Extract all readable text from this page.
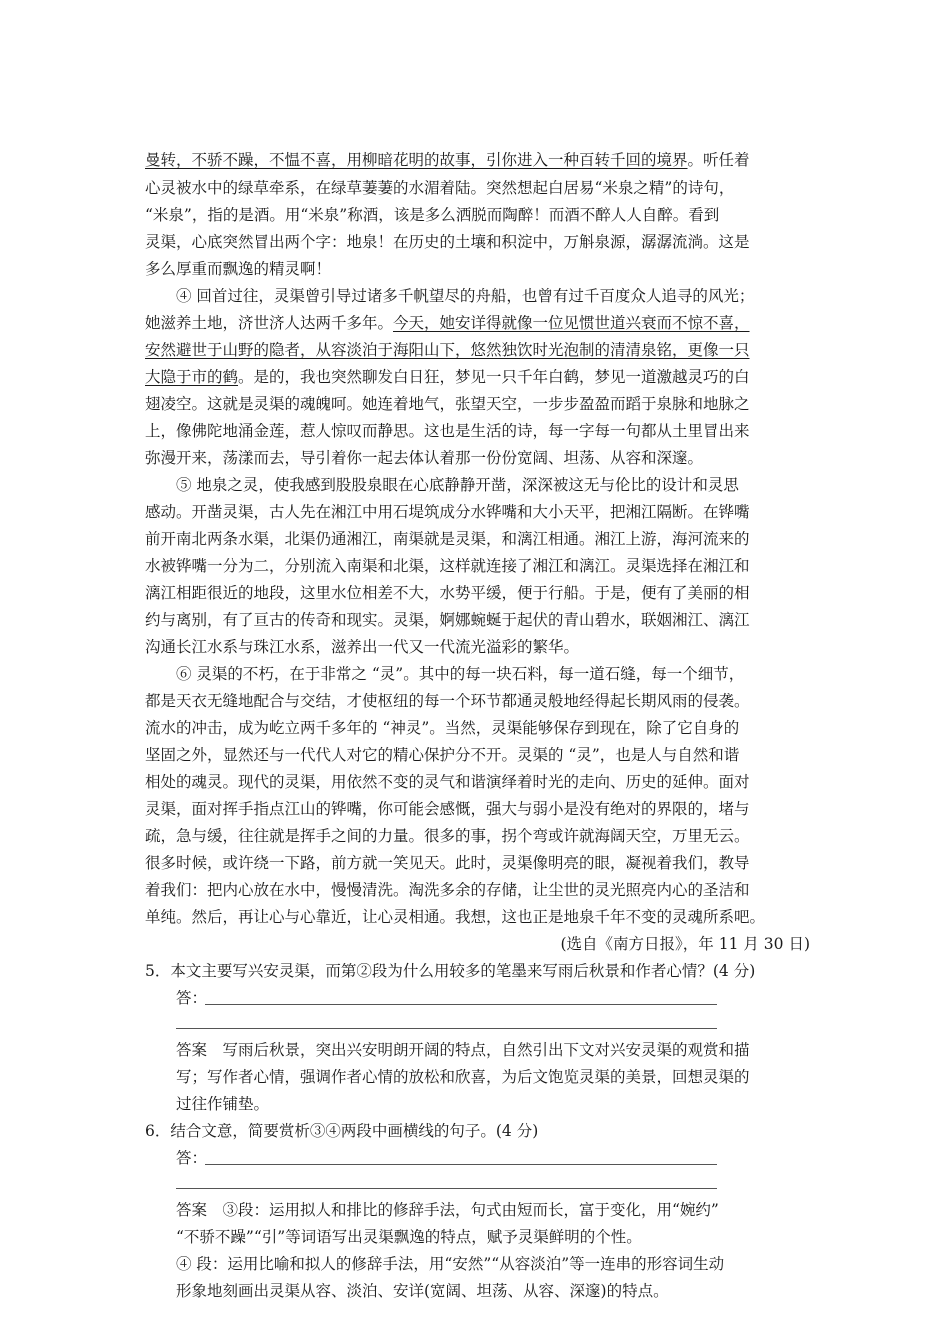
曼转，不骄不躁，不愠不喜，用柳暗花明的故事，引你进入一种百转千回的境界。听任着
心灵被水中的绿草牵系，在绿草萋萋的水湄着陆。突然想起白居易“米泉之精”的诗句，
“米泉”，指的是酒。用“米泉”称酒，该是多么洒脱而陶醉！而酒不醉人人自醉。看到
灵渠，心底突然冒出两个字：地泉！在历史的土壤和积淀中，万斛泉源，潺潺流淌。这是
多么厚重而飘逸的精灵啊！
④ 回首过往，灵渠曾引导过诸多千帆望尽的舟船，也曾有过千百度众人追寻的风光；
她滋养土地，济世济人达两千多年。今天，她安详得就像一位见惯世道兴衰而不惊不喜，
安然避世于山野的隐者，从容淡泊于海阳山下，悠然独饮时光泡制的清清泉铭，更像一只
大隐于市的鹤。是的，我也突然聊发白日狂，梦见一只千年白鹤，梦见一道激越灵巧的白
翅凌空。这就是灵渠的魂魄呵。她连着地气，张望天空，一步步盈盈而蹈于泉脉和地脉之
上，像佛陀地涌金莲，惹人惊叹而静思。这也是生活的诗，每一字每一句都从土里冒出来
弥漫开来，荡漾而去，导引着你一起去体认着那一份份宽阔、坦荡、从容和深邃。
⑤ 地泉之灵，使我感到股股泉眼在心底静静开凿，深深被这无与伦比的设计和灵思
感动。开凿灵渠，古人先在湘江中用石堤筑成分水铧嘴和大小天平，把湘江隔断。在铧嘴
前开南北两条水渠，北渠仍通湘江，南渠就是灵渠，和漓江相通。湘江上游，海河流来的
水被铧嘴一分为二，分别流入南渠和北渠，这样就连接了湘江和漓江。灵渠选择在湘江和
漓江相距很近的地段，这里水位相差不大，水势平缓，便于行船。于是，便有了美丽的相
约与离别，有了亘古的传奇和现实。灵渠，婀娜蜿蜒于起伏的青山碧水，联姻湘江、漓江
沟通长江水系与珠江水系，滋养出一代又一代流光溢彩的繁华。
⑥ 灵渠的不朽，在于非常之 “灵”。其中的每一块石料，每一道石缝，每一个细节，
都是天衣无缝地配合与交结，才使枢纽的每一个环节都通灵般地经得起长期风雨的侵袭。
流水的冲击，成为屹立两千多年的 “神灵”。当然，灵渠能够保存到现在，除了它自身的
坚固之外，显然还与一代代人对它的精心保护分不开。灵渠的 “灵”，也是人与自然和谐
相处的魂灵。现代的灵渠，用依然不变的灵气和谐演绎着时光的走向、历史的延伸。面对
灵渠，面对挥手指点江山的铧嘴，你可能会感慨，强大与弱小是没有绝对的界限的，堵与
疏，急与缓，往往就是挥手之间的力量。很多的事，拐个弯或许就海阔天空，万里无云。
很多时候，或许绕一下路，前方就一笑见天。此时，灵渠像明亮的眼，凝视着我们，教导
着我们：把内心放在水中，慢慢清洗。淘洗多余的存储，让尘世的灵光照亮内心的圣洁和
单纯。然后，再让心与心靠近，让心灵相通。我想，这也正是地泉千年不变的灵魂所系吧。
(选自《南方日报》，年 11 月 30 日)
5．本文主要写兴安灵渠，而第②段为什么用较多的笔墨来写雨后秋景和作者心情？(4 分)
答：
答案　写雨后秋景，突出兴安明朗开阔的特点，自然引出下文对兴安灵渠的观赏和描
写；写作者心情，强调作者心情的放松和欣喜，为后文饱览灵渠的美景，回想灵渠的
过往作铺垫。
6．结合文意，简要赏析③④两段中画横线的句子。(4 分)
答：
答案　③段：运用拟人和排比的修辞手法，句式由短而长，富于变化，用“婉约”
“不骄不躁”“引”等词语写出灵渠飘逸的特点，赋予灵渠鲜明的个性。
④ 段：运用比喻和拟人的修辞手法，用“安然”“从容淡泊”等一连串的形容词生动
形象地刻画出灵渠从容、淡泊、安详(宽阔、坦荡、从容、深邃)的特点。
